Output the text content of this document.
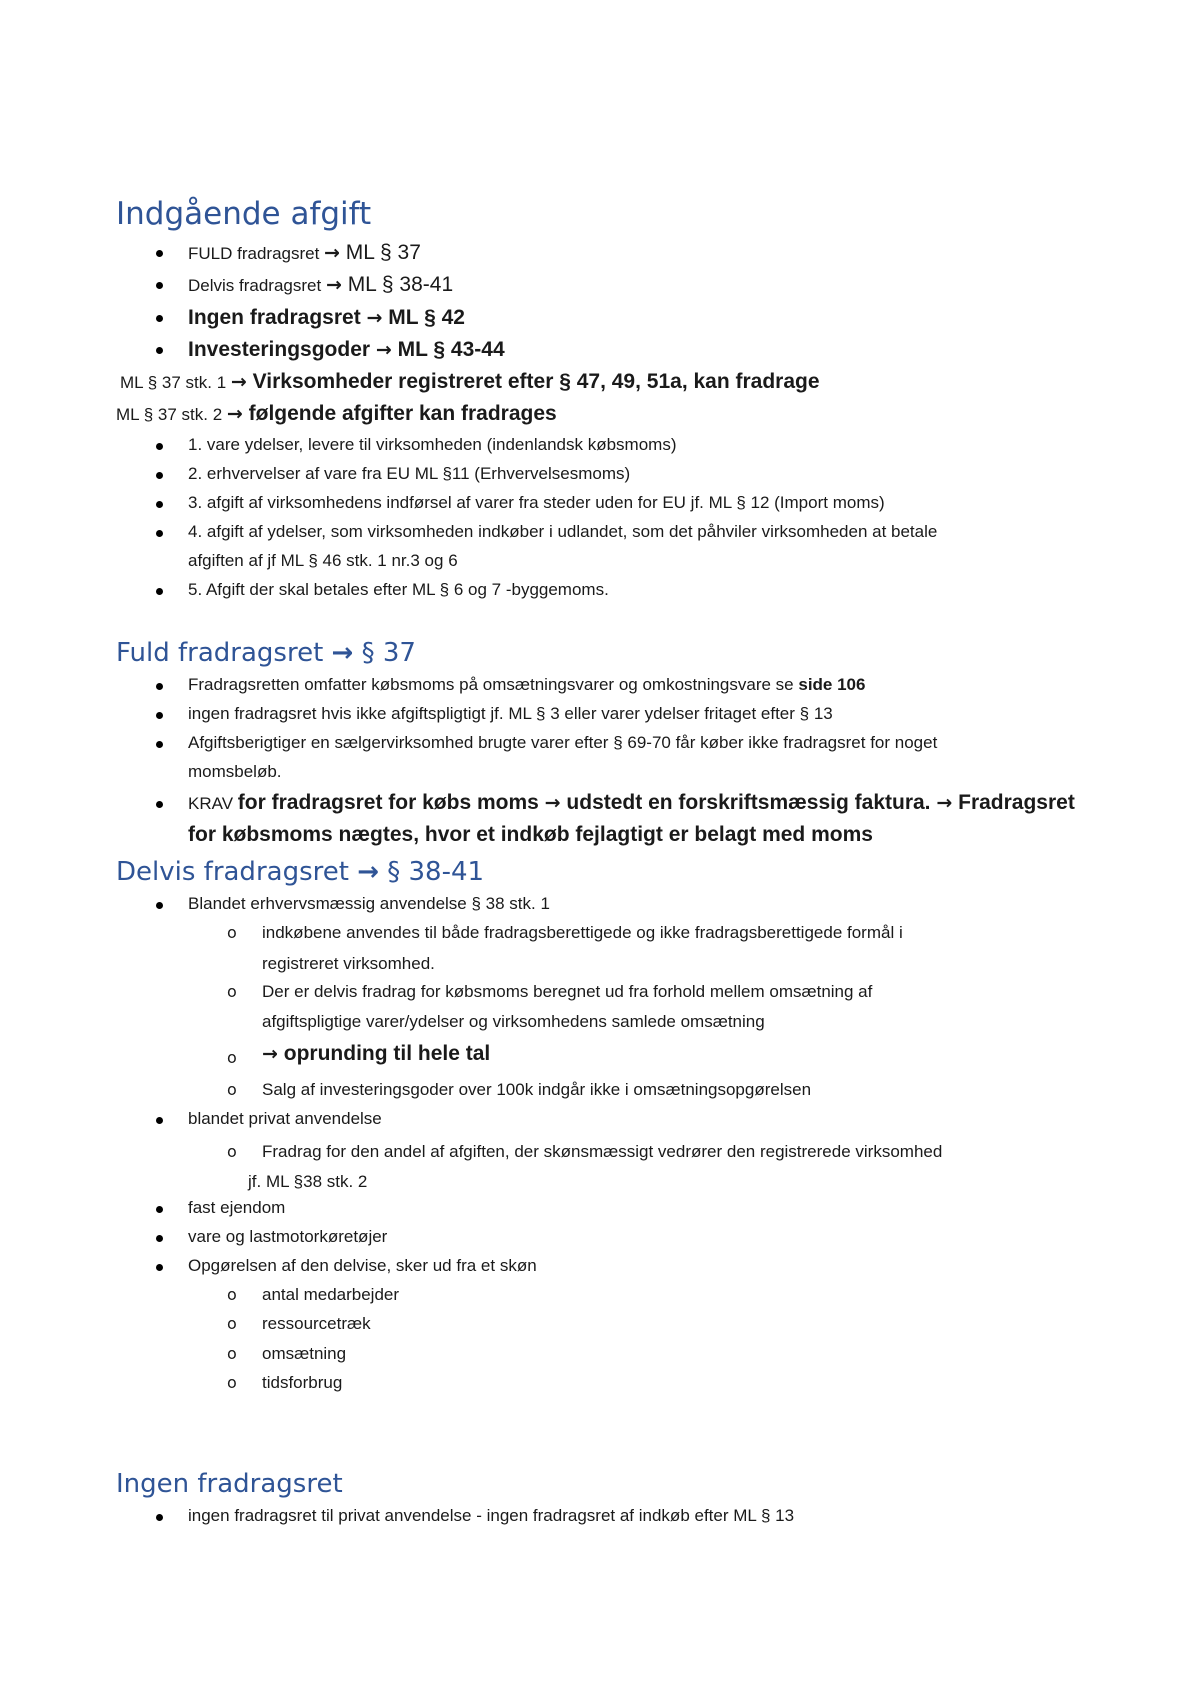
Indgående afgift
FULD fradragsret → ML § 37
Delvis fradragsret → ML § 38-41
Ingen fradragsret → ML § 42
Investeringsgoder → ML § 43-44
ML § 37 stk. 1 → Virksomheder registreret efter § 47, 49, 51a, kan fradrage
ML § 37 stk. 2 → følgende afgifter kan fradrages
1. vare ydelser, levere til virksomheden (indenlandsk købsmoms)
2. erhvervelser af vare fra EU ML §11 (Erhvervelsesmoms)
3. afgift af virksomhedens indførsel af varer fra steder uden for EU jf. ML § 12 (Import moms)
4. afgift af ydelser, som virksomheden indkøber i udlandet, som det påhviler virksomheden at betale
afgiften af jf ML § 46 stk. 1 nr.3 og 6
5. Afgift der skal betales efter ML § 6 og 7 -byggemoms.
Fuld fradragsret → § 37
Fradragsretten omfatter købsmoms på omsætningsvarer og omkostningsvare se side 106
ingen fradragsret hvis ikke afgiftspligtigt jf. ML § 3 eller varer ydelser fritaget efter § 13
Afgiftsberigtiger en sælgervirksomhed brugte varer efter § 69-70 får køber ikke fradragsret for noget
momsbeløb.
KRAV for fradragsret for købs moms → udstedt en forskriftsmæssig faktura. → Fradragsret
for købsmoms nægtes, hvor et indkøb fejlagtigt er belagt med moms
Delvis fradragsret → § 38-41
Blandet erhvervsmæssig anvendelse § 38 stk. 1
o indkøbene anvendes til både fradragsberettigede og ikke fradragsberettigede formål i
registreret virksomhed.
o Der er delvis fradrag for købsmoms beregnet ud fra forhold mellem omsætning af
afgiftspligtige varer/ydelser og virksomhedens samlede omsætning
o → oprunding til hele tal
o Salg af investeringsgoder over 100k indgår ikke i omsætningsopgørelsen
blandet privat anvendelse
o Fradrag for den andel af afgiften, der skønsmæssigt vedrører den registrerede virksomhed
jf. ML §38 stk. 2
fast ejendom
vare og lastmotorkøretøjer
Opgørelsen af den delvise, sker ud fra et skøn
o antal medarbejder
o ressourcetræk
o omsætning
o tidsforbrug
Ingen fradragsret
ingen fradragsret til privat anvendelse - ingen fradragsret af indkøb efter ML § 13
